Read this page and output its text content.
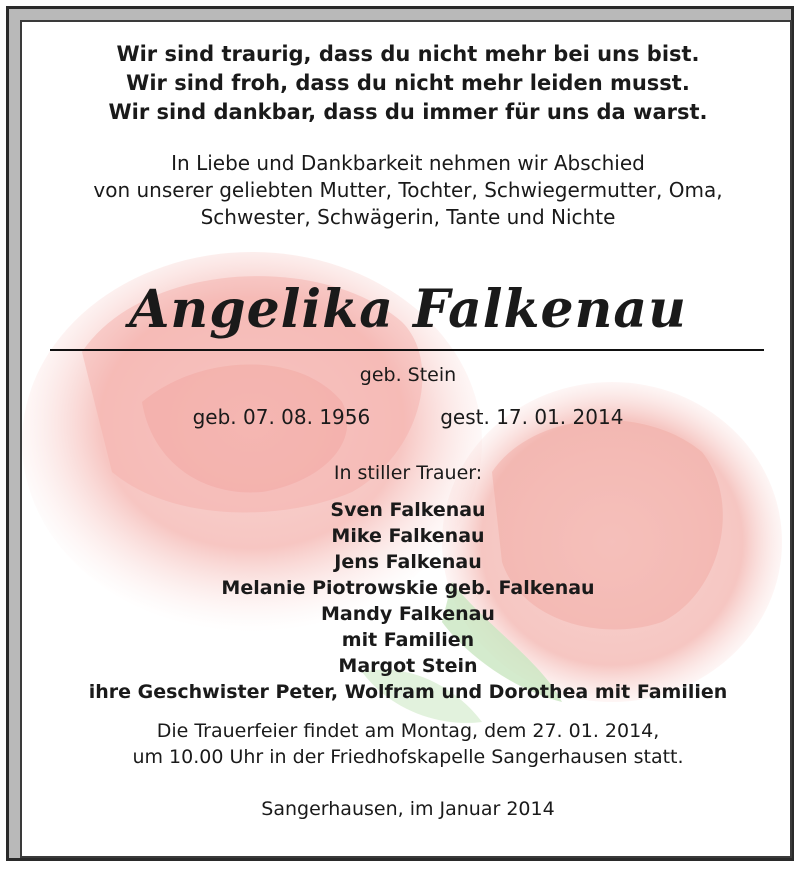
Wir sind traurig, dass du nicht mehr bei uns bist.
Wir sind froh, dass du nicht mehr leiden musst.
Wir sind dankbar, dass du immer für uns da warst.
In Liebe und Dankbarkeit nehmen wir Abschied
von unserer geliebten Mutter, Tochter, Schwiegermutter, Oma,
Schwester, Schwägerin, Tante und Nichte
Angelika Falkenau
geb. Stein
geb. 07. 08. 1956	gest. 17. 01. 2014
In stiller Trauer:
Sven Falkenau
Mike Falkenau
Jens Falkenau
Melanie Piotrowskie geb. Falkenau
Mandy Falkenau
mit Familien
Margot Stein
ihre Geschwister Peter, Wolfram und Dorothea mit Familien
Die Trauerfeier findet am Montag, dem 27. 01. 2014,
um 10.00 Uhr in der Friedhofskapelle Sangerhausen statt.
Sangerhausen, im Januar 2014
